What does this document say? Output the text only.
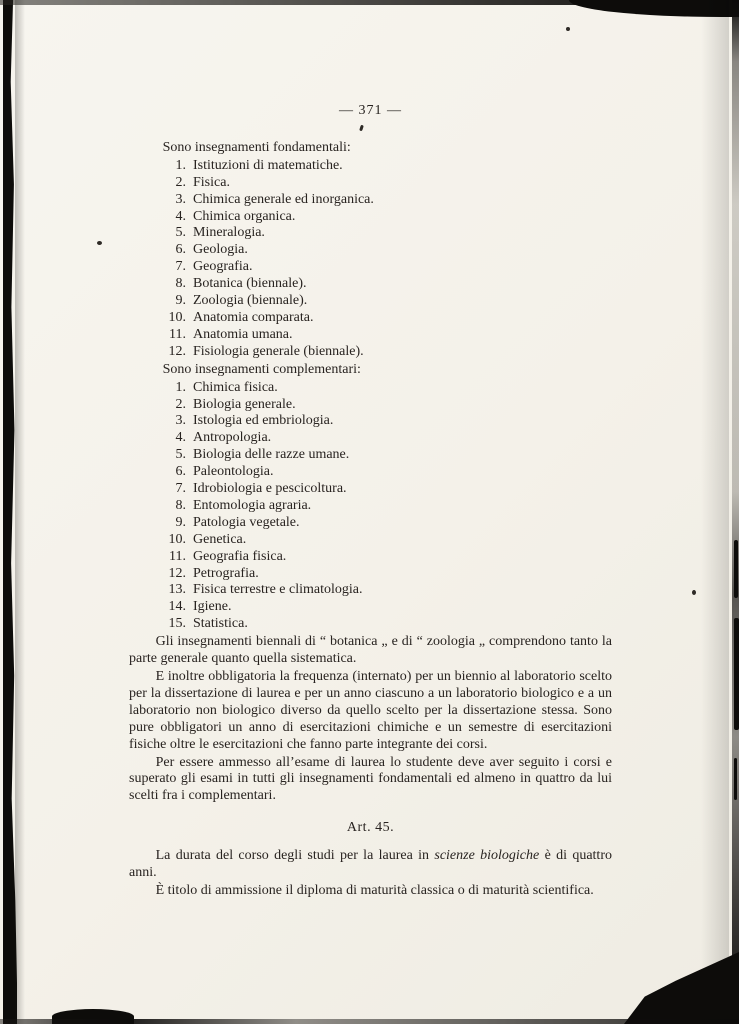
— 371 —

Sono insegnamenti fondamentali:

1. Istituzioni di matematiche.
2. Fisica.
3. Chimica generale ed inorganica.
4. Chimica organica.
5. Mineralogia.
6. Geologia.
7. Geografia.
8. Botanica (biennale).
9. Zoologia (biennale).
10. Anatomia comparata.
11. Anatomia umana.
12. Fisiologia generale (biennale).

Sono insegnamenti complementari:

1. Chimica fisica.
2. Biologia generale.
3. Istologia ed embriologia.
4. Antropologia.
5. Biologia delle razze umane.
6. Paleontologia.
7. Idrobiologia e pescicoltura.
8. Entomologia agraria.
9. Patologia vegetale.
10. Genetica.
11. Geografia fisica.
12. Petrografia.
13. Fisica terrestre e climatologia.
14. Igiene.
15. Statistica.

Gli insegnamenti biennali di “ botanica „ e di “ zoologia „ comprendono tanto la parte generale quanto quella sistematica.

E inoltre obbligatoria la frequenza (internato) per un biennio al laboratorio scelto per la dissertazione di laurea e per un anno ciascuno a un laboratorio biologico e a un laboratorio non biologico diverso da quello scelto per la dissertazione stessa. Sono pure obbligatori un anno di esercitazioni chimiche e un semestre di esercitazioni fisiche oltre le esercitazioni che fanno parte integrante dei corsi.

Per essere ammesso all’esame di laurea lo studente deve aver seguito i corsi e superato gli esami in tutti gli insegnamenti fondamentali ed almeno in quattro da lui scelti fra i complementari.

Art. 45.

La durata del corso degli studi per la laurea in scienze biologiche è di quattro anni.

È titolo di ammissione il diploma di maturità classica o di maturità scientifica.
